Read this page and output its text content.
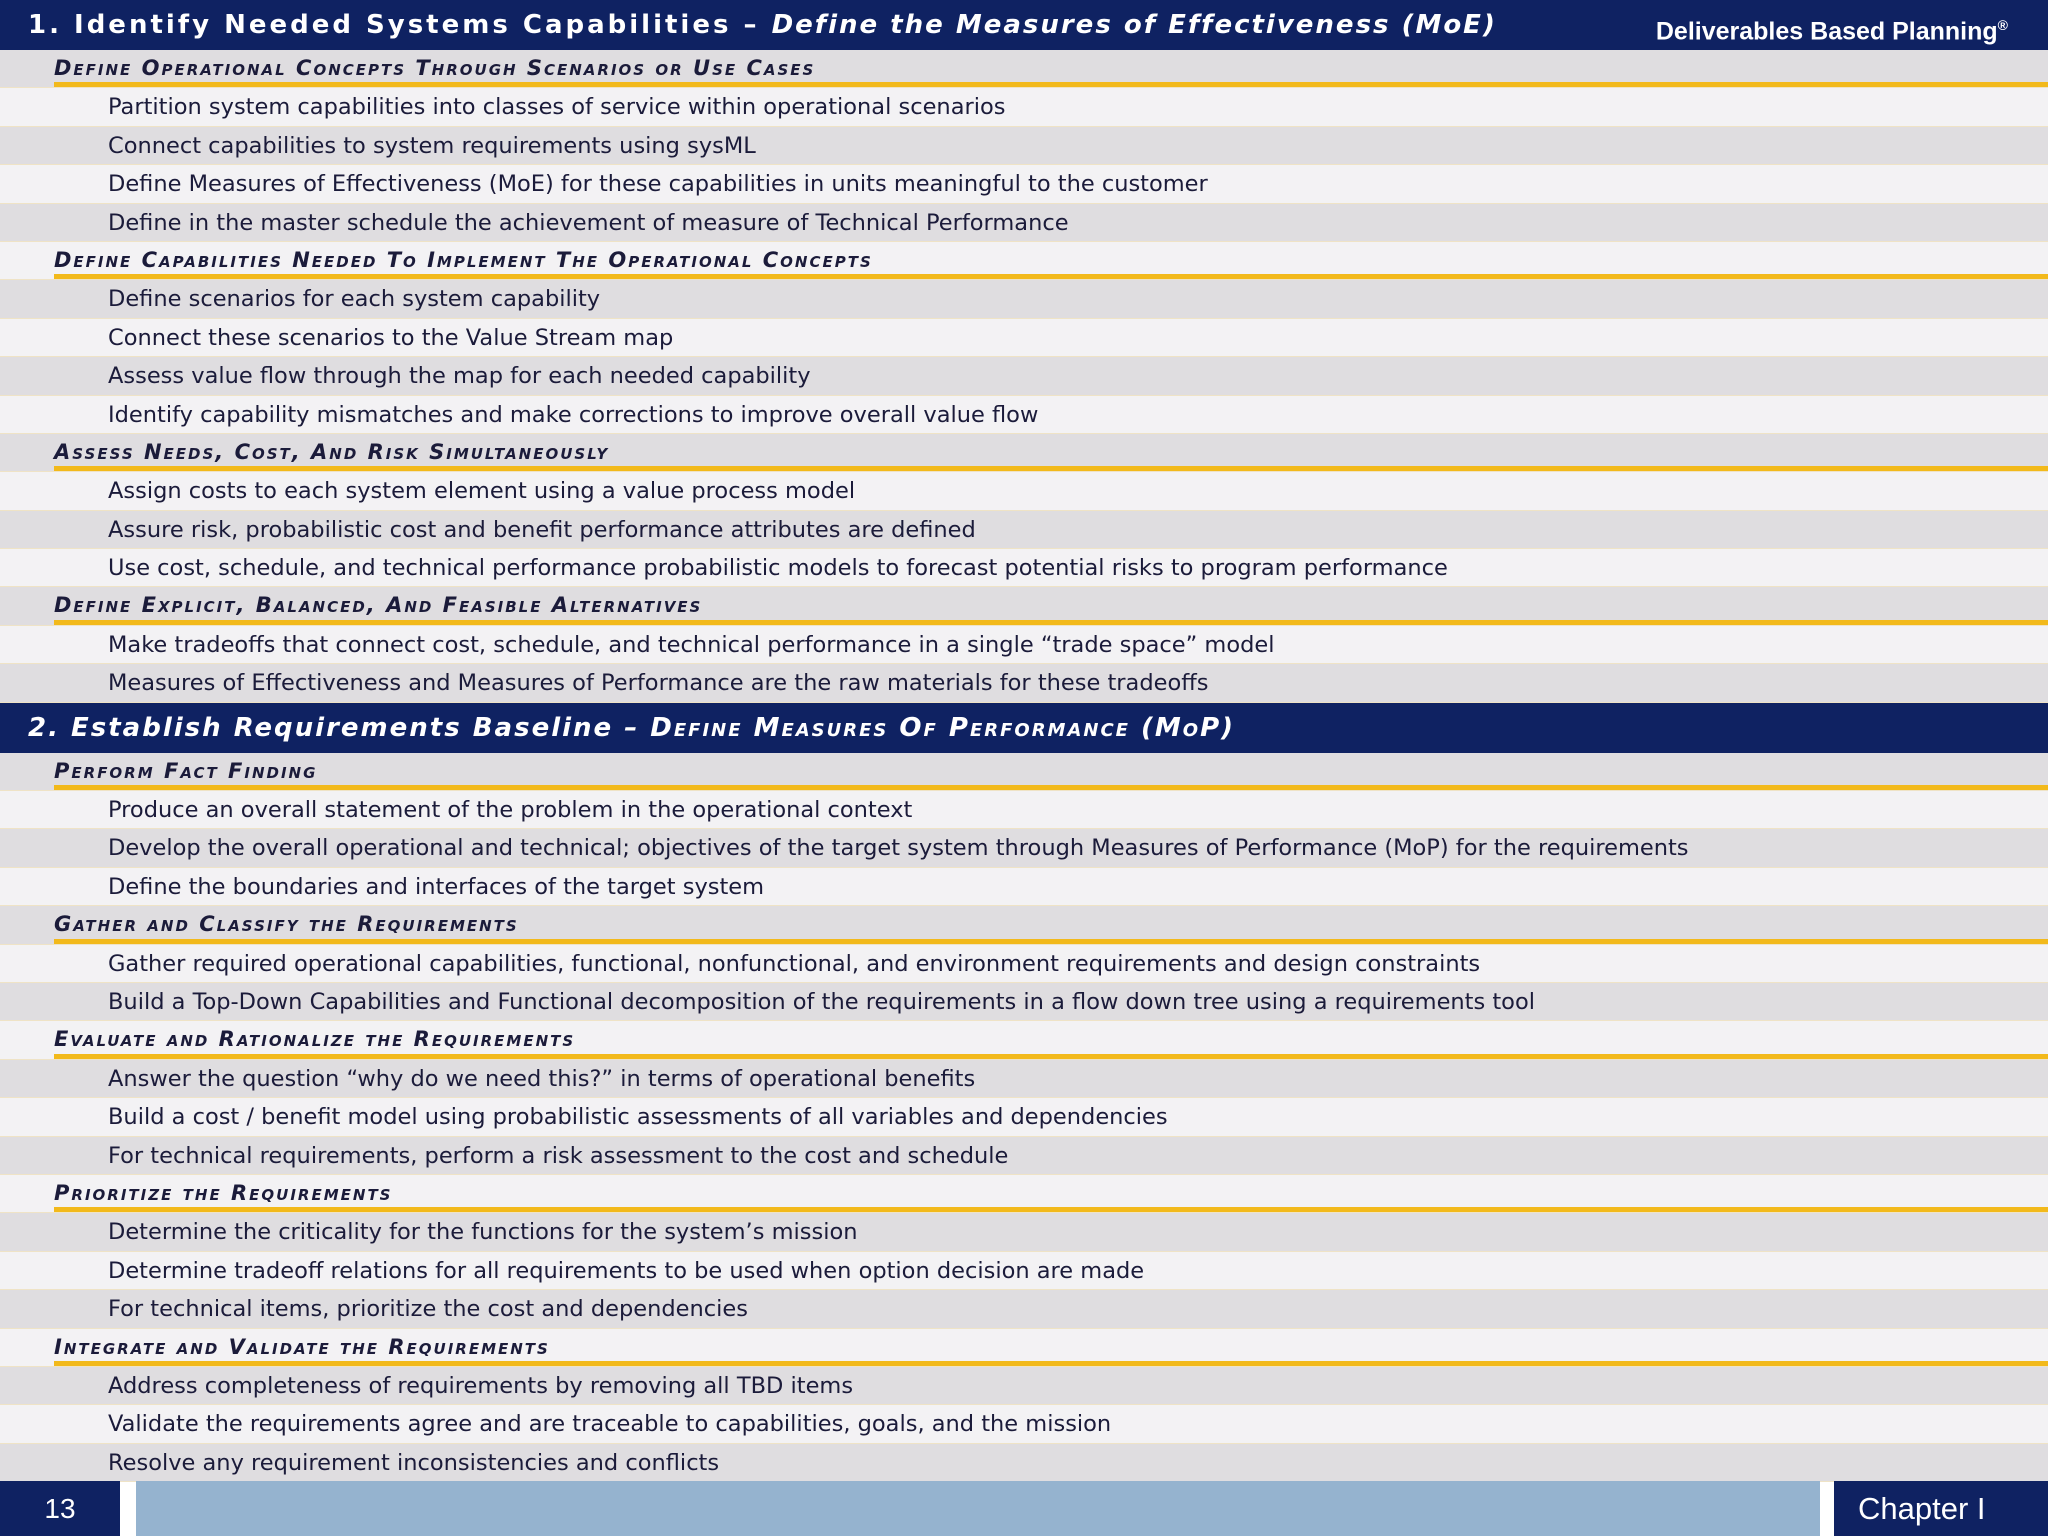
1. Identify Needed Systems Capabilities – Define the Measures of Effectiveness (MoE)	Deliverables Based Planning®
Define Operational Concepts Through Scenarios or Use Cases
Partition system capabilities into classes of service within operational scenarios
Connect capabilities to system requirements using sysML
Define Measures of Effectiveness (MoE) for these capabilities in units meaningful to the customer
Define in the master schedule the achievement of measure of Technical Performance
Define Capabilities Needed To Implement The Operational Concepts
Define scenarios for each system capability
Connect these scenarios to the Value Stream map
Assess value flow through the map for each needed capability
Identify capability mismatches and make corrections to improve overall value flow
Assess Needs, Cost, And Risk Simultaneously
Assign costs to each system element using a value process model
Assure risk, probabilistic cost and benefit performance attributes are defined
Use cost, schedule, and technical performance probabilistic models to forecast potential risks to program performance
Define Explicit, Balanced, And Feasible Alternatives
Make tradeoffs that connect cost, schedule, and technical performance in a single “trade space” model
Measures of Effectiveness and Measures of Performance are the raw materials for these tradeoffs
2. Establish Requirements Baseline – Define Measures Of Performance (MoP)
Perform Fact Finding
Produce an overall statement of the problem in the operational context
Develop the overall operational and technical; objectives of the target system through Measures of Performance (MoP) for the requirements
Define the boundaries and interfaces of the target system
Gather and Classify the Requirements
Gather required operational capabilities, functional, nonfunctional, and environment requirements and design constraints
Build a Top-Down Capabilities and Functional decomposition of the requirements in a flow down tree using a requirements tool
Evaluate and Rationalize the Requirements
Answer the question “why do we need this?” in terms of operational benefits
Build a cost / benefit model using probabilistic assessments of all variables and dependencies
For technical requirements, perform a risk assessment to the cost and schedule
Prioritize the Requirements
Determine the criticality for the functions for the system’s mission
Determine tradeoff relations for all requirements to be used when option decision are made
For technical items, prioritize the cost and dependencies
Integrate and Validate the Requirements
Address completeness of requirements by removing all TBD items
Validate the requirements agree and are traceable to capabilities, goals, and the mission
Resolve any requirement inconsistencies and conflicts
13	Chapter I
